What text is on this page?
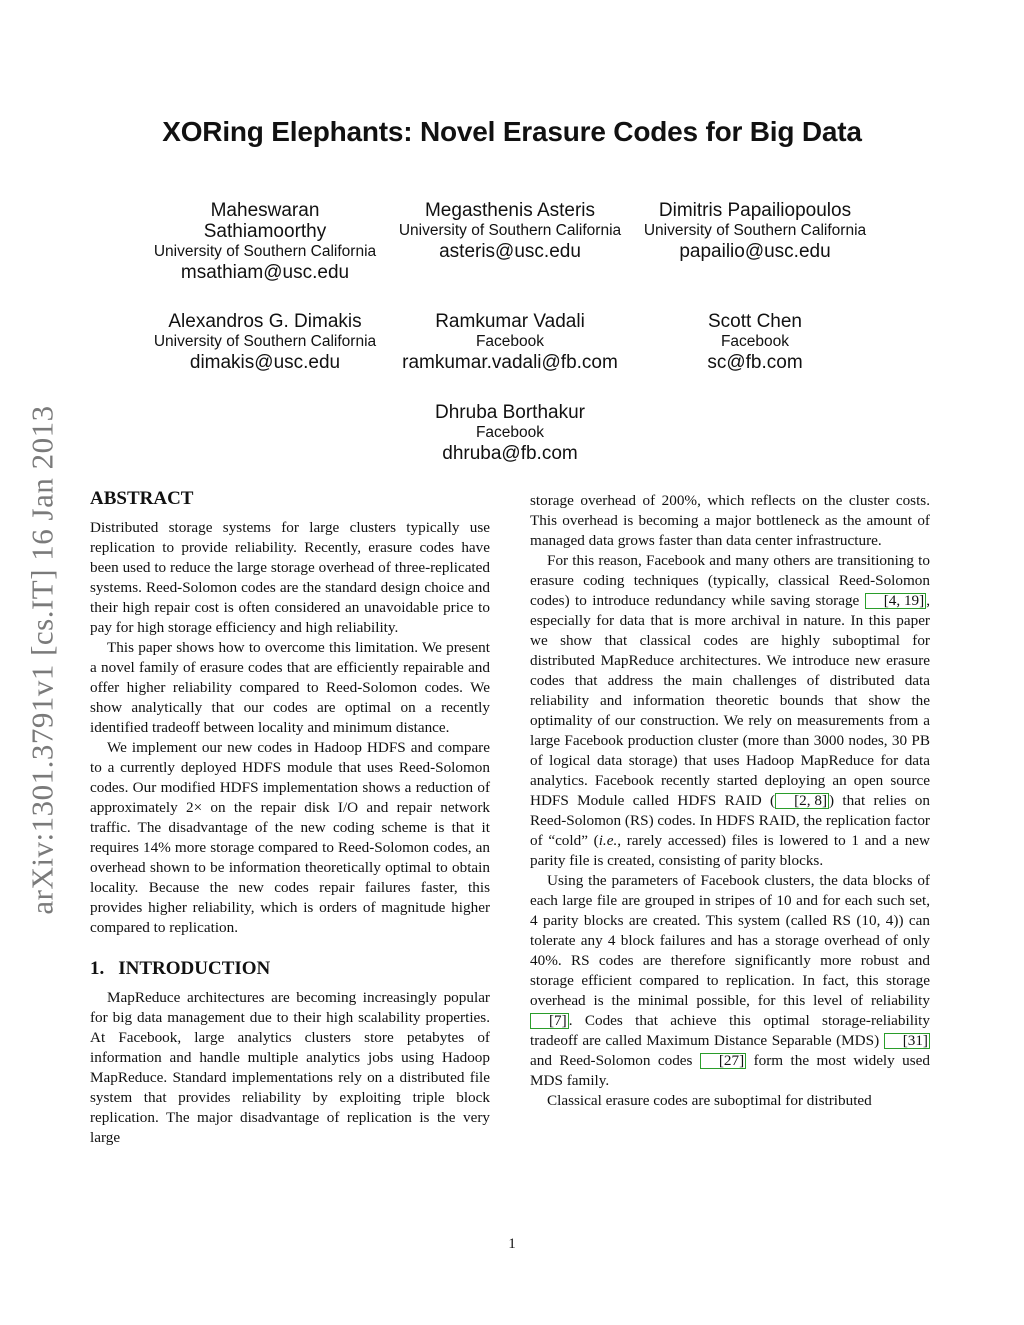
arXiv:1301.3791v1 [cs.IT] 16 Jan 2013
XORing Elephants: Novel Erasure Codes for Big Data
Maheswaran Sathiamoorthy
University of Southern California
msathiam@usc.edu
Megasthenis Asteris
University of Southern California
asteris@usc.edu
Dimitris Papailiopoulos
University of Southern California
papailio@usc.edu
Alexandros G. Dimakis
University of Southern California
dimakis@usc.edu
Ramkumar Vadali
Facebook
ramkumar.vadali@fb.com
Scott Chen
Facebook
sc@fb.com
Dhruba Borthakur
Facebook
dhruba@fb.com
ABSTRACT

Distributed storage systems for large clusters typically use replication to provide reliability. Recently, erasure codes have been used to reduce the large storage overhead of three-replicated systems. Reed-Solomon codes are the standard design choice and their high repair cost is often considered an unavoidable price to pay for high storage efficiency and high reliability.

This paper shows how to overcome this limitation. We present a novel family of erasure codes that are efficiently repairable and offer higher reliability compared to Reed-Solomon codes. We show analytically that our codes are optimal on a recently identified tradeoff between locality and minimum distance.

We implement our new codes in Hadoop HDFS and compare to a currently deployed HDFS module that uses Reed-Solomon codes. Our modified HDFS implementation shows a reduction of approximately 2× on the repair disk I/O and repair network traffic. The disadvantage of the new coding scheme is that it requires 14% more storage compared to Reed-Solomon codes, an overhead shown to be information theoretically optimal to obtain locality. Because the new codes repair failures faster, this provides higher reliability, which is orders of magnitude higher compared to replication.

1. INTRODUCTION

MapReduce architectures are becoming increasingly popular for big data management due to their high scalability properties. At Facebook, large analytics clusters store petabytes of information and handle multiple analytics jobs using Hadoop MapReduce. Standard implementations rely on a distributed file system that provides reliability by exploiting triple block replication. The major disadvantage of replication is the very large

storage overhead of 200%, which reflects on the cluster costs. This overhead is becoming a major bottleneck as the amount of managed data grows faster than data center infrastructure.

For this reason, Facebook and many others are transitioning to erasure coding techniques (typically, classical Reed-Solomon codes) to introduce redundancy while saving storage [4, 19] , especially for data that is more archival in nature. In this paper we show that classical codes are highly suboptimal for distributed MapReduce architectures. We introduce new erasure codes that address the main challenges of distributed data reliability and information theoretic bounds that show the optimality of our construction. We rely on measurements from a large Facebook production cluster (more than 3000 nodes, 30 PB of logical data storage) that uses Hadoop MapReduce for data analytics. Facebook recently started deploying an open source HDFS Module called HDFS RAID ( [2, 8] ) that relies on Reed-Solomon (RS) codes. In HDFS RAID, the replication factor of “cold” (i.e., rarely accessed) files is lowered to 1 and a new parity file is created, consisting of parity blocks.

Using the parameters of Facebook clusters, the data blocks of each large file are grouped in stripes of 10 and for each such set, 4 parity blocks are created. This system (called RS (10, 4)) can tolerate any 4 block failures and has a storage overhead of only 40%. RS codes are therefore significantly more robust and storage efficient compared to replication. In fact, this storage overhead is the minimal possible, for this level of reliability [7] . Codes that achieve this optimal storage-reliability tradeoff are called Maximum Distance Separable (MDS) [31] and Reed-Solomon codes [27] form the most widely used MDS family.

Classical erasure codes are suboptimal for distributed

1
